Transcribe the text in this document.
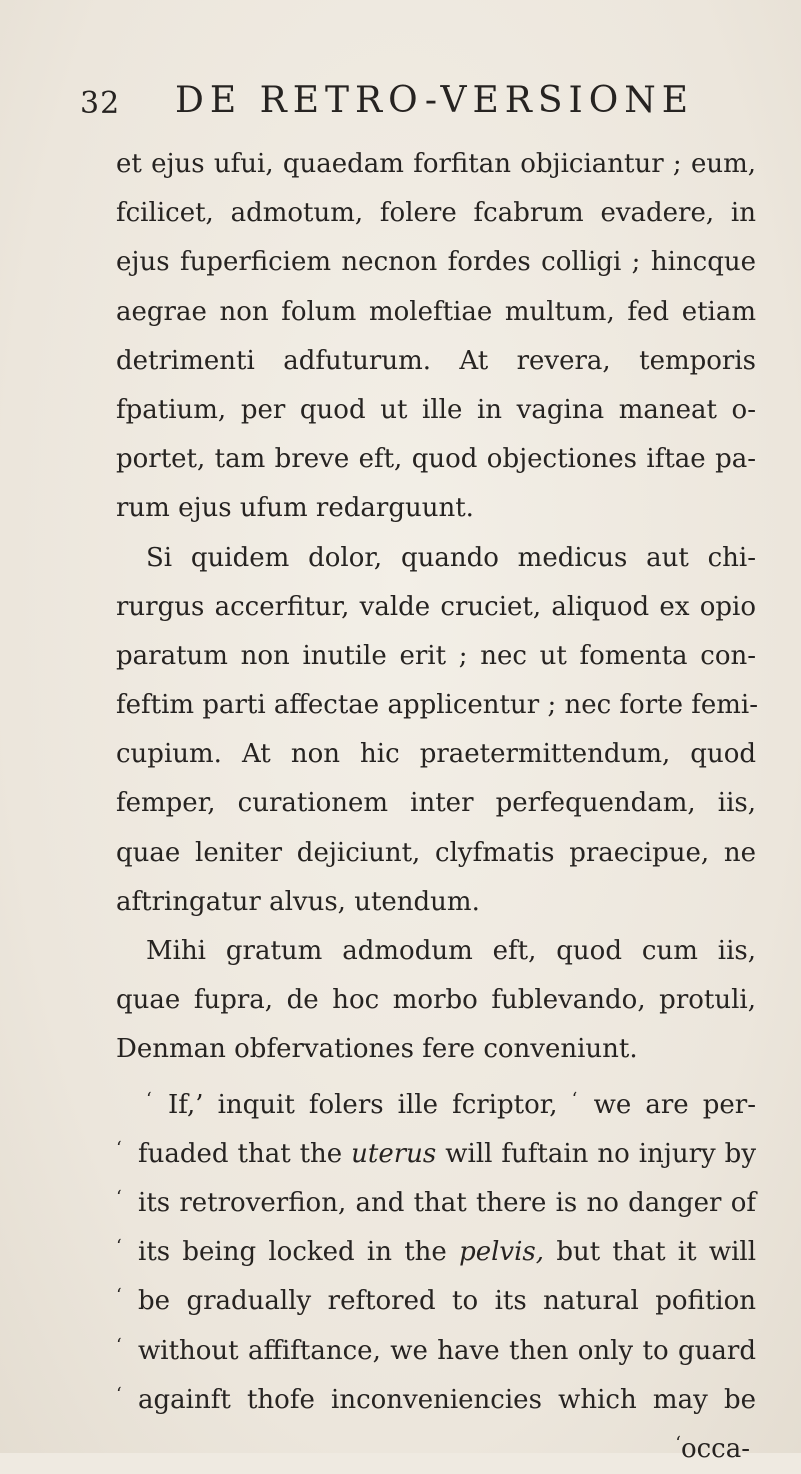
32 DE RETRO-VERSIONE
et ejus ufui, quaedam forfitan objiciantur ; eum,
fcilicet, admotum, folere fcabrum evadere, in
ejus fuperficiem necnon fordes colligi ; hincque
aegrae non folum moleftiae multum, fed etiam
detrimenti adfuturum. At revera, temporis
fpatium, per quod ut ille in vagina maneat o-
portet, tam breve eft, quod objectiones iftae pa-
rum ejus ufum redarguunt.
Si quidem dolor, quando medicus aut chi-
rurgus accerfitur, valde cruciet, aliquod ex opio
paratum non inutile erit ; nec ut fomenta con-
feftim parti affectae applicentur ; nec forte femi-
cupium. At non hic praetermittendum, quod
femper, curationem inter perfequendam, iis,
quae leniter dejiciunt, clyfmatis praecipue, ne
aftringatur alvus, utendum.
Mihi gratum admodum eft, quod cum iis,
quae fupra, de hoc morbo fublevando, protuli,
Denman obfervationes fere conveniunt.
‘ If,’ inquit folers ille fcriptor, ‘ we are per-
‘ fuaded that the uterus will fuftain no injury by
‘ its retroverfion, and that there is no danger of
‘ its being locked in the pelvis, but that it will
‘ be gradually reftored to its natural pofition
‘ without affiftance, we have then only to guard
‘ againft thofe inconveniencies which may be
‘occa-
